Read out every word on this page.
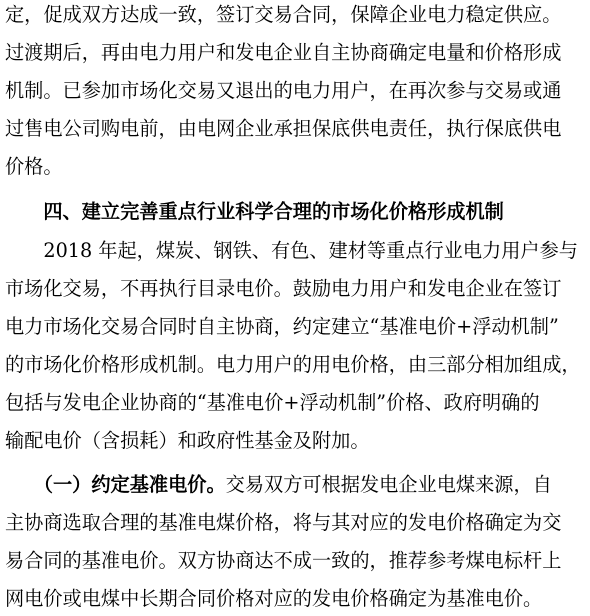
定，促成双方达成一致，签订交易合同，保障企业电力稳定供应。
过渡期后，再由电力用户和发电企业自主协商确定电量和价格形成
机制。已参加市场化交易又退出的电力用户，在再次参与交易或通
过售电公司购电前，由电网企业承担保底供电责任，执行保底供电
价格。
　　四、建立完善重点行业科学合理的市场化价格形成机制
　　2018 年起，煤炭、钢铁、有色、建材等重点行业电力用户参与
市场化交易，不再执行目录电价。鼓励电力用户和发电企业在签订
电力市场化交易合同时自主协商，约定建立“基准电价+浮动机制”
的市场化价格形成机制。电力用户的用电价格，由三部分相加组成，
包括与发电企业协商的“基准电价+浮动机制”价格、政府明确的
输配电价（含损耗）和政府性基金及附加。
　　（一）约定基准电价。交易双方可根据发电企业电煤来源，自
主协商选取合理的基准电煤价格，将与其对应的发电价格确定为交
易合同的基准电价。双方协商达不成一致的，推荐参考煤电标杆上
网电价或电煤中长期合同价格对应的发电价格确定为基准电价。
